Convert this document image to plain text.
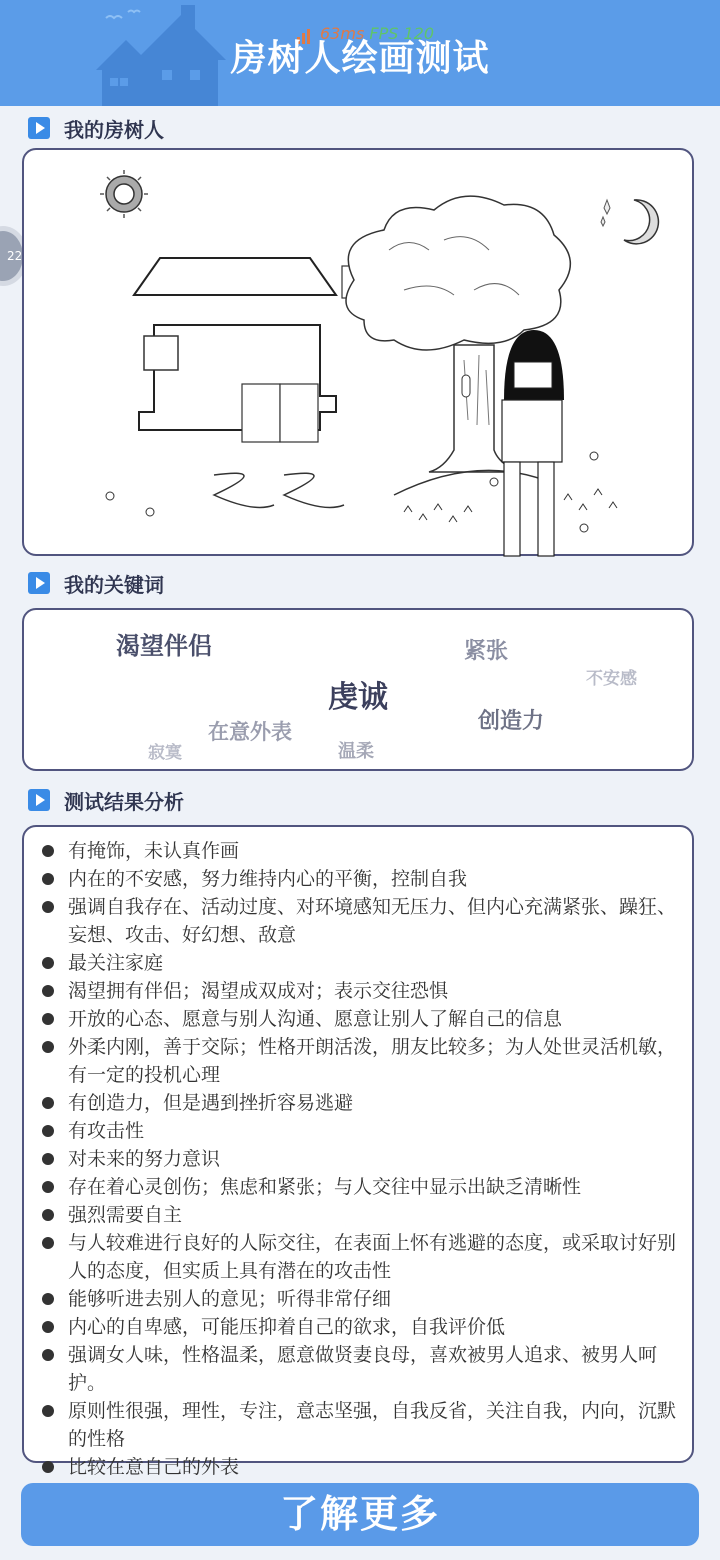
63ms FPS 120
房树人绘画测试
22
我的房树人
我的关键词
渴望伴侣	紧张
不安感
虔诚
创造力
在意外表
寂寞	温柔
测试结果分析
有掩饰，未认真作画
内在的不安感，努力维持内心的平衡，控制自我
强调自我存在、活动过度、对环境感知无压力、但内心充满紧张、躁狂、妄想、攻击、好幻想、敌意
最关注家庭
渴望拥有伴侣；渴望成双成对；表示交往恐惧
开放的心态、愿意与别人沟通、愿意让别人了解自己的信息
外柔内刚，善于交际；性格开朗活泼，朋友比较多；为人处世灵活机敏，有一定的投机心理
有创造力，但是遇到挫折容易逃避
有攻击性
对未来的努力意识
存在着心灵创伤；焦虑和紧张；与人交往中显示出缺乏清晰性
强烈需要自主
与人较难进行良好的人际交往，在表面上怀有逃避的态度，或采取讨好别人的态度，但实质上具有潜在的攻击性
能够听进去别人的意见；听得非常仔细
内心的自卑感，可能压抑着自己的欲求，自我评价低
强调女人味，性格温柔，愿意做贤妻良母，喜欢被男人追求、被男人呵护。
原则性很强，理性，专注，意志坚强，自我反省，关注自我，内向，沉默的性格
比较在意自己的外表
了解更多
